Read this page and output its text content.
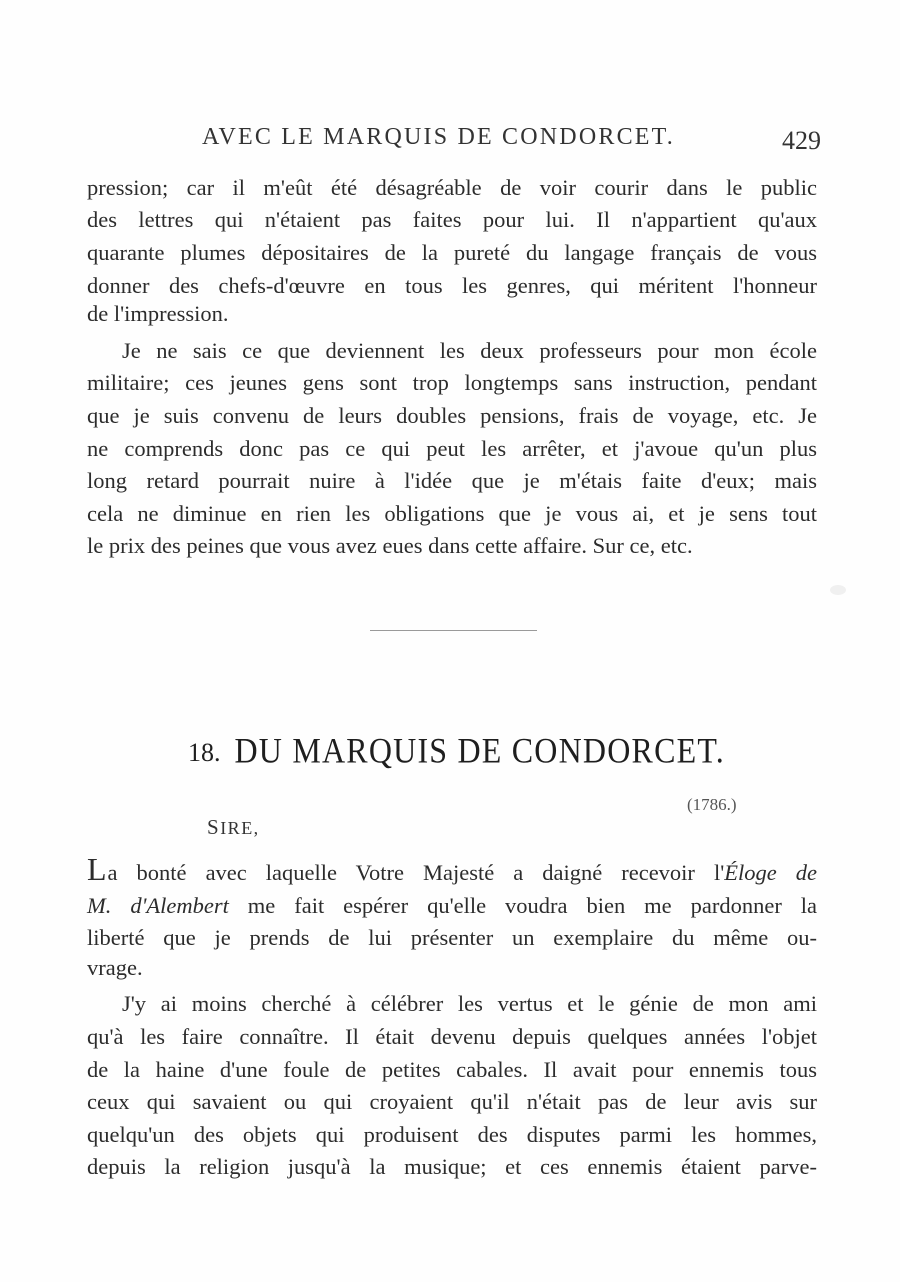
AVEC LE MARQUIS DE CONDORCET.	429
pression; car il m'eût été désagréable de voir courir dans le public
des lettres qui n'étaient pas faites pour lui. Il n'appartient qu'aux
quarante plumes dépositaires de la pureté du langage français de vous
donner des chefs-d'œuvre en tous les genres, qui méritent l'honneur
de l'impression.
Je ne sais ce que deviennent les deux professeurs pour mon école
militaire; ces jeunes gens sont trop longtemps sans instruction, pendant
que je suis convenu de leurs doubles pensions, frais de voyage, etc. Je
ne comprends donc pas ce qui peut les arrêter, et j'avoue qu'un plus
long retard pourrait nuire à l'idée que je m'étais faite d'eux; mais
cela ne diminue en rien les obligations que je vous ai, et je sens tout
le prix des peines que vous avez eues dans cette affaire. Sur ce, etc.
18. DU MARQUIS DE CONDORCET.
(1786.)
SIRE,
La bonté avec laquelle Votre Majesté a daigné recevoir l'Éloge de
M. d'Alembert me fait espérer qu'elle voudra bien me pardonner la
liberté que je prends de lui présenter un exemplaire du même ou-
vrage.
J'y ai moins cherché à célébrer les vertus et le génie de mon ami
qu'à les faire connaître. Il était devenu depuis quelques années l'objet
de la haine d'une foule de petites cabales. Il avait pour ennemis tous
ceux qui savaient ou qui croyaient qu'il n'était pas de leur avis sur
quelqu'un des objets qui produisent des disputes parmi les hommes,
depuis la religion jusqu'à la musique; et ces ennemis étaient parve-
